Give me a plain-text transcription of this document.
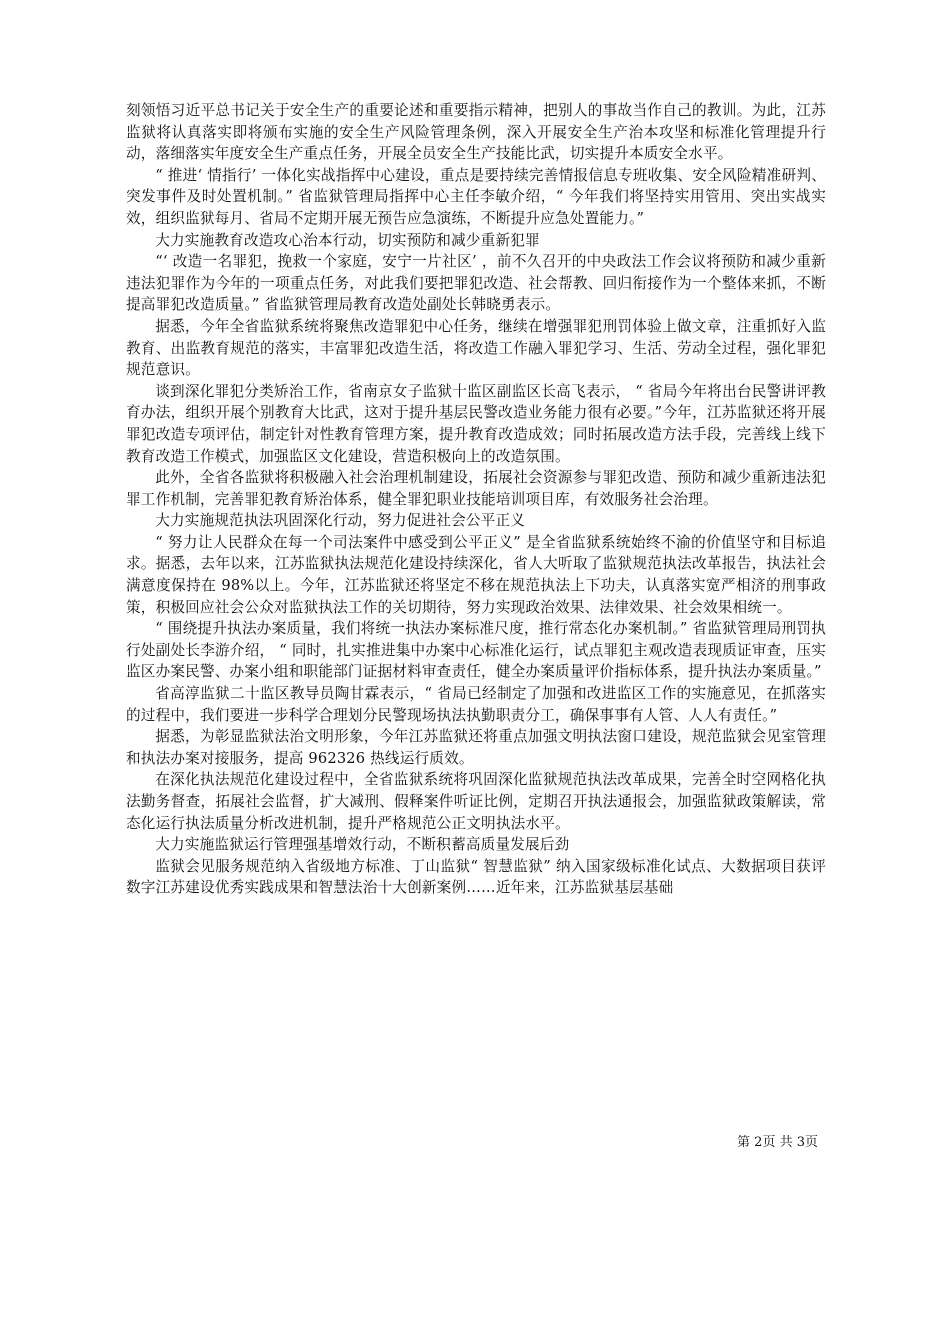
刻领悟习近平总书记关于安全生产的重要论述和重要指示精神，把别人的事故当作自己的教训。为此，江苏监狱将认真落实即将颁布实施的安全生产风险管理条例，深入开展安全生产治本攻坚和标准化管理提升行动，落细落实年度安全生产重点任务，开展全员安全生产技能比武，切实提升本质安全水平。

“ 推进‘ 情指行’ 一体化实战指挥中心建设，重点是要持续完善情报信息专班收集、安全风险精准研判、突发事件及时处置机制。” 省监狱管理局指挥中心主任李敏介绍，“ 今年我们将坚持实用管用、突出实战实效，组织监狱每月、省局不定期开展无预告应急演练，不断提升应急处置能力。”

大力实施教育改造攻心治本行动，切实预防和减少重新犯罪

“‘ 改造一名罪犯，挽救一个家庭，安宁一片社区’ ，前不久召开的中央政法工作会议将预防和减少重新违法犯罪作为今年的一项重点任务，对此我们要把罪犯改造、社会帮教、回归衔接作为一个整体来抓，不断提高罪犯改造质量。” 省监狱管理局教育改造处副处长韩晓勇表示。

据悉，今年全省监狱系统将聚焦改造罪犯中心任务，继续在增强罪犯刑罚体验上做文章，注重抓好入监教育、出监教育规范的落实，丰富罪犯改造生活，将改造工作融入罪犯学习、生活、劳动全过程，强化罪犯规范意识。

谈到深化罪犯分类矫治工作，省南京女子监狱十监区副监区长高飞表示， “ 省局今年将出台民警讲评教育办法，组织开展个别教育大比武，这对于提升基层民警改造业务能力很有必要。”今年，江苏监狱还将开展罪犯改造专项评估，制定针对性教育管理方案，提升教育改造成效；同时拓展改造方法手段，完善线上线下教育改造工作模式，加强监区文化建设，营造积极向上的改造氛围。

此外，全省各监狱将积极融入社会治理机制建设，拓展社会资源参与罪犯改造、预防和减少重新违法犯罪工作机制，完善罪犯教育矫治体系，健全罪犯职业技能培训项目库，有效服务社会治理。

大力实施规范执法巩固深化行动，努力促进社会公平正义

“ 努力让人民群众在每一个司法案件中感受到公平正义” 是全省监狱系统始终不渝的价值坚守和目标追求。据悉，去年以来，江苏监狱执法规范化建设持续深化，省人大听取了监狱规范执法改革报告，执法社会满意度保持在 98%以上。今年，江苏监狱还将坚定不移在规范执法上下功夫，认真落实宽严相济的刑事政策，积极回应社会公众对监狱执法工作的关切期待，努力实现政治效果、法律效果、社会效果相统一。

“ 围绕提升执法办案质量，我们将统一执法办案标准尺度，推行常态化办案机制。” 省监狱管理局刑罚执行处副处长李游介绍， “ 同时，扎实推进集中办案中心标准化运行，试点罪犯主观改造表现质证审查，压实监区办案民警、办案小组和职能部门证据材料审查责任，健全办案质量评价指标体系，提升执法办案质量。”

省高淳监狱二十监区教导员陶甘霖表示，“ 省局已经制定了加强和改进监区工作的实施意见，在抓落实的过程中，我们要进一步科学合理划分民警现场执法执勤职责分工，确保事事有人管、人人有责任。”

据悉，为彰显监狱法治文明形象，今年江苏监狱还将重点加强文明执法窗口建设，规范监狱会见室管理和执法办案对接服务，提高 962326 热线运行质效。

在深化执法规范化建设过程中，全省监狱系统将巩固深化监狱规范执法改革成果，完善全时空网格化执法勤务督查，拓展社会监督，扩大减刑、假释案件听证比例，定期召开执法通报会，加强监狱政策解读，常态化运行执法质量分析改进机制，提升严格规范公正文明执法水平。

大力实施监狱运行管理强基增效行动，不断积蓄高质量发展后劲

监狱会见服务规范纳入省级地方标准、丁山监狱“ 智慧监狱” 纳入国家级标准化试点、大数据项目获评数字江苏建设优秀实践成果和智慧法治十大创新案例……近年来，江苏监狱基层基础

第 2页 共 3页
